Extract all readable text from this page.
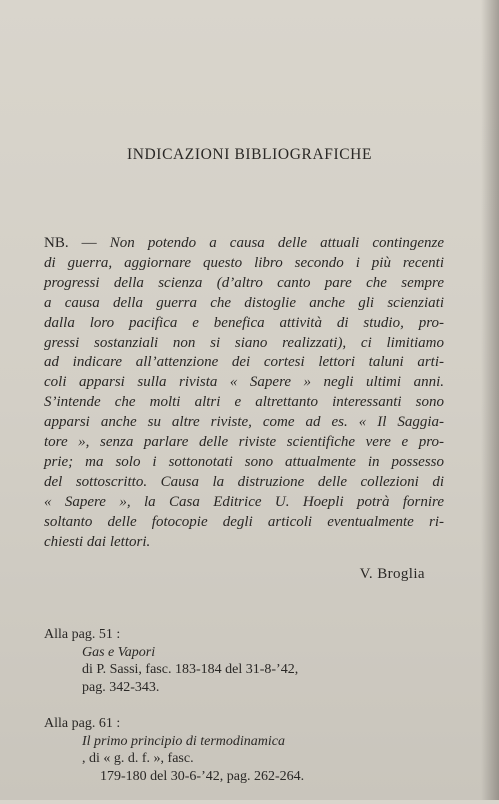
INDICAZIONI BIBLIOGRAFICHE
NB. — Non potendo a causa delle attuali contingenze
di guerra, aggiornare questo libro secondo i più recenti
progressi della scienza (d’altro canto pare che sempre
a causa della guerra che distoglie anche gli scienziati
dalla loro pacifica e benefica attività di studio, pro-
gressi sostanziali non si siano realizzati), ci limitiamo
ad indicare all’attenzione dei cortesi lettori taluni arti-
coli apparsi sulla rivista « Sapere » negli ultimi anni.
S’intende che molti altri e altrettanto interessanti sono
apparsi anche su altre riviste, come ad es. « Il Saggia-
tore », senza parlare delle riviste scientifiche vere e pro-
prie; ma solo i sottonotati sono attualmente in possesso
del sottoscritto. Causa la distruzione delle collezioni di
« Sapere », la Casa Editrice U. Hoepli potrà fornire
soltanto delle fotocopie degli articoli eventualmente ri-
chiesti dai lettori.
V. Broglia
Alla pag. 51 :
Gas e Vapori
di P. Sassi, fasc. 183-184 del 31-8-’42,
pag. 342-343.
Alla pag. 61 :
Il primo principio di termodinamica
, di « g. d. f. », fasc.
179-180 del 30-6-’42, pag. 262-264.
